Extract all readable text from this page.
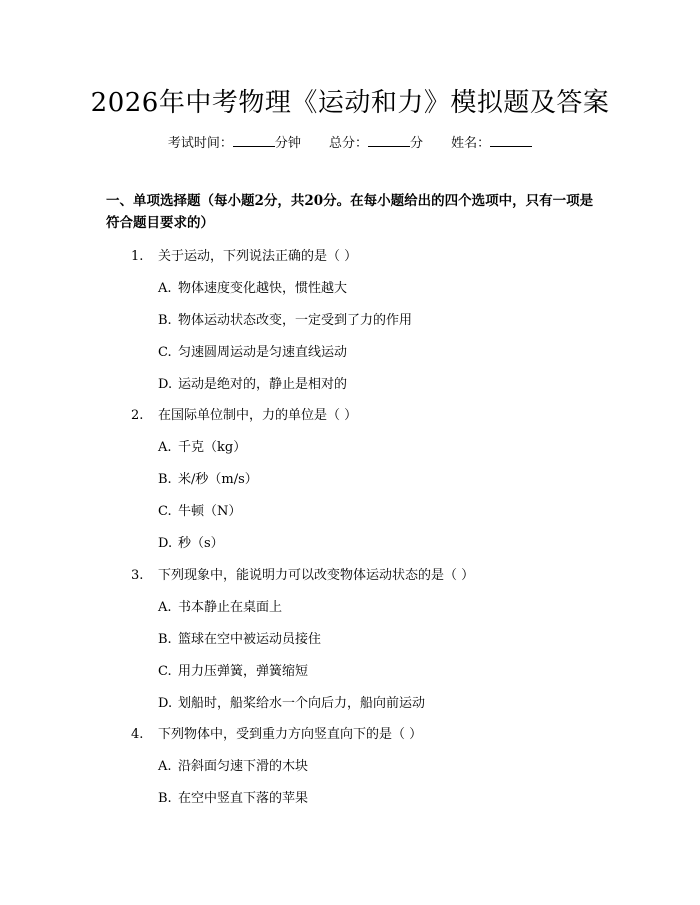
2026年中考物理《运动和力》模拟题及答案
考试时间：	分钟 总分：	分 姓名：
一、单项选择题（每小题2分，共20分。在每小题给出的四个选项中，只有一项是符合题目要求的）
1. 关于运动，下列说法正确的是（ ）
A. 物体速度变化越快，惯性越大
B. 物体运动状态改变，一定受到了力的作用
C. 匀速圆周运动是匀速直线运动
D. 运动是绝对的，静止是相对的
2. 在国际单位制中，力的单位是（ ）
A. 千克（kg）
B. 米/秒（m/s）
C. 牛顿（N）
D. 秒（s）
3. 下列现象中，能说明力可以改变物体运动状态的是（ ）
A. 书本静止在桌面上
B. 篮球在空中被运动员接住
C. 用力压弹簧，弹簧缩短
D. 划船时，船桨给水一个向后力，船向前运动
4. 下列物体中，受到重力方向竖直向下的是（ ）
A. 沿斜面匀速下滑的木块
B. 在空中竖直下落的苹果
